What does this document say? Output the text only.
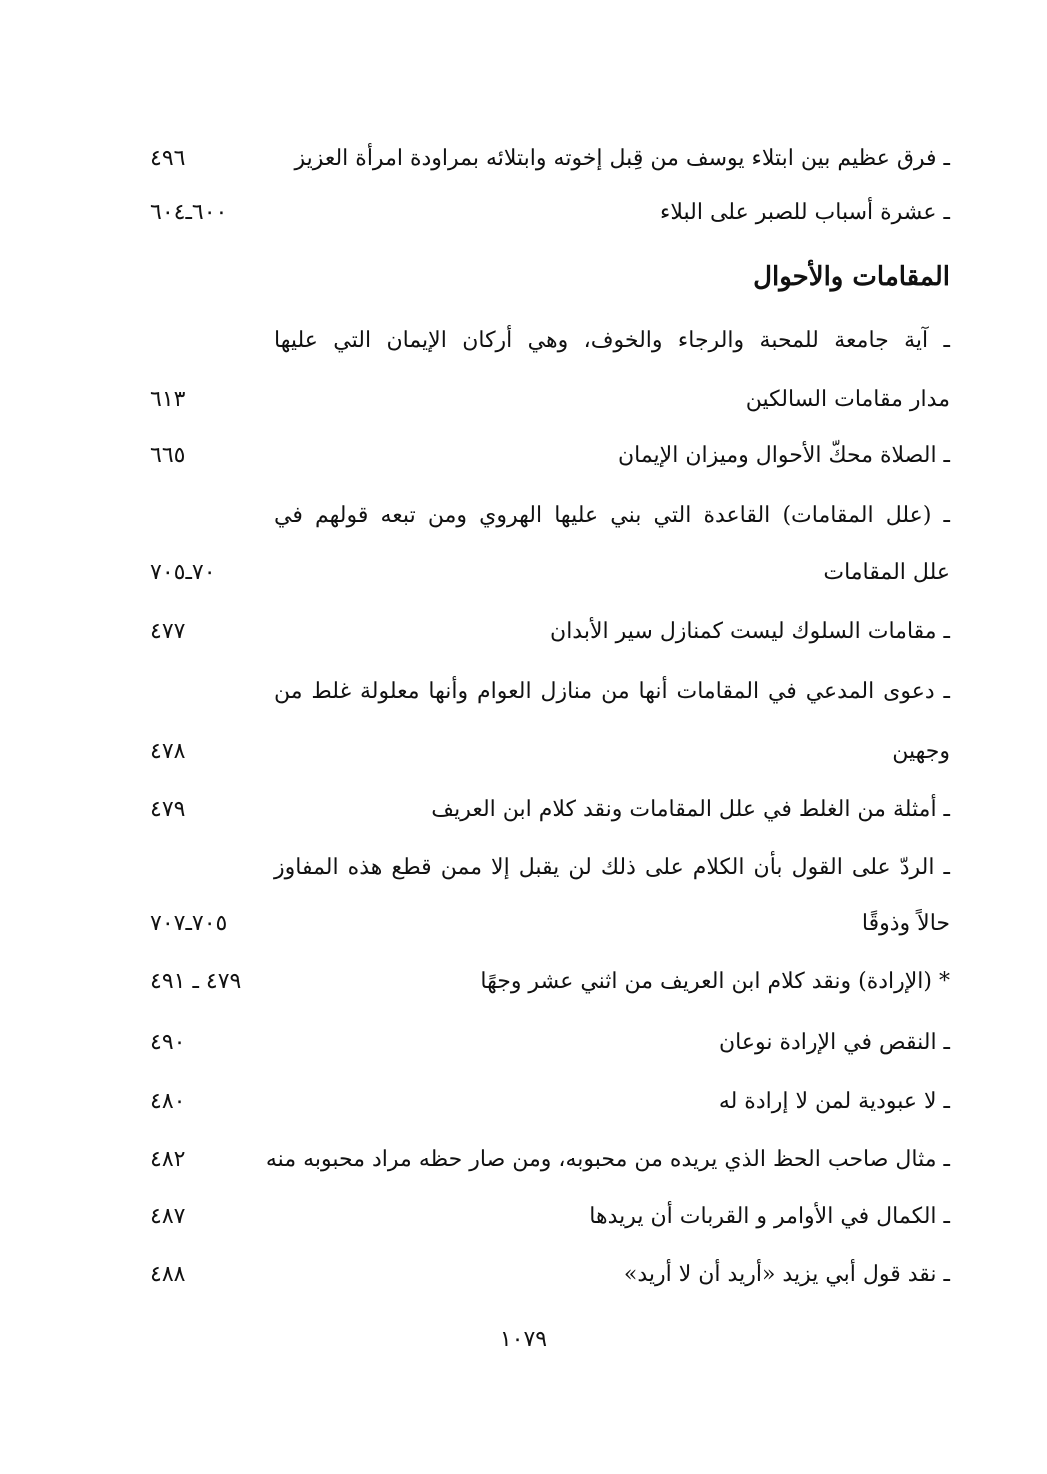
ـ فرق عظيم بين ابتلاء يوسف من قِبل إخوته وابتلائه بمراودة امرأة العزيز
٤٩٦
ـ عشرة أسباب للصبر على البلاء
٦٠٠ـ٦٠٤
المقامات والأحوال
ـ آية جامعة للمحبة والرجاء والخوف، وهي أركان الإيمان التي عليها
مدار مقامات السالكين
٦١٣
ـ الصلاة محكّ الأحوال وميزان الإيمان
٦٦٥
ـ (علل المقامات) القاعدة التي بني عليها الهروي ومن تبعه قولهم في
علل المقامات
٧٠ـ٧٠٥
ـ مقامات السلوك ليست كمنازل سير الأبدان
٤٧٧
ـ دعوى المدعي في المقامات أنها من منازل العوام وأنها معلولة غلط من
وجهين
٤٧٨
ـ أمثلة من الغلط في علل المقامات ونقد كلام ابن العريف
٤٧٩
ـ الردّ على القول بأن الكلام على ذلك لن يقبل إلا ممن قطع هذه المفاوز
حالاً وذوقًا
٧٠٥ـ٧٠٧
* (الإرادة) ونقد كلام ابن العريف من اثني عشر وجهًا
٤٧٩ ـ ٤٩١
ـ النقص في الإرادة نوعان
٤٩٠
ـ لا عبودية لمن لا إرادة له
٤٨٠
ـ مثال صاحب الحظ الذي يريده من محبوبه، ومن صار حظه مراد محبوبه منه
٤٨٢
ـ الكمال في الأوامر و القربات أن يريدها
٤٨٧
ـ نقد قول أبي يزيد «أريد أن لا أريد»
٤٨٨
١٠٧٩
